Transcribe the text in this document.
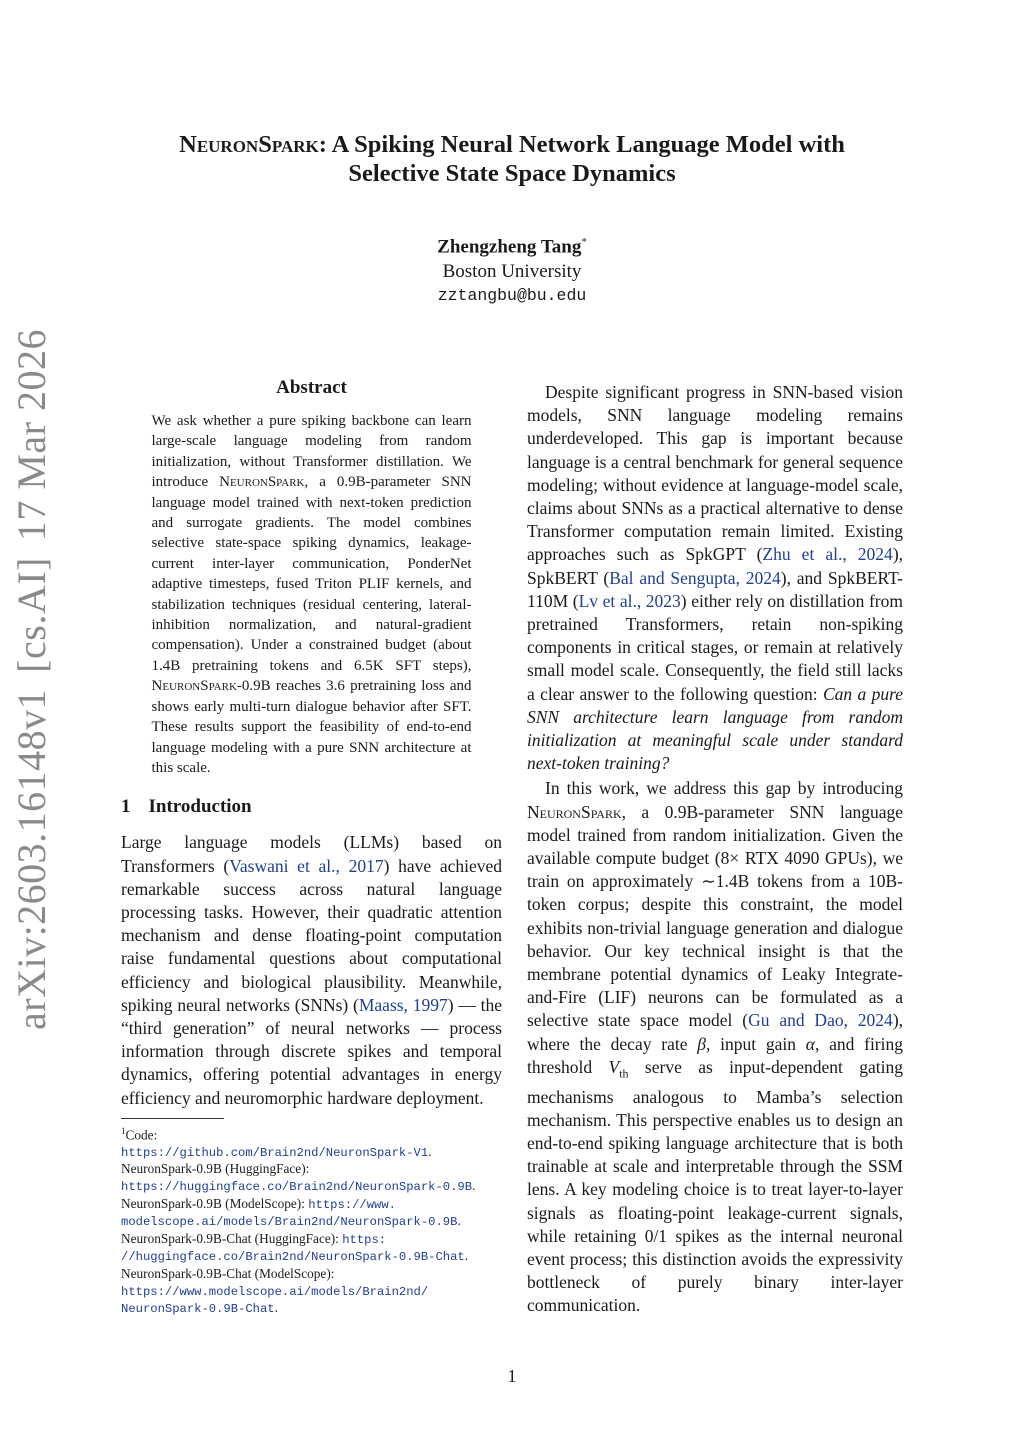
arXiv:2603.16148v1
[cs.AI]
17 Mar 2026
NeuronSpark: A Spiking Neural Network Language Model with
Selective State Space Dynamics
Zhengzheng Tang*
Boston University
zztangbu@bu.edu
Abstract

We ask whether a pure spiking backbone can learn large-scale language modeling from random initialization, without Transformer distillation. We introduce NeuronSpark, a 0.9B-parameter SNN language model trained with next-token prediction and surrogate gradients. The model combines selective state-space spiking dynamics, leakage-current inter-layer communication, PonderNet adaptive timesteps, fused Triton PLIF kernels, and stabilization techniques (residual centering, lateral-inhibition normalization, and natural-gradient compensation). Under a constrained budget (about 1.4B pretraining tokens and 6.5K SFT steps), NeuronSpark-0.9B reaches 3.6 pretraining loss and shows early multi-turn dialogue behavior after SFT. These results support the feasibility of end-to-end language modeling with a pure SNN architecture at this scale.

1 Introduction

Large language models (LLMs) based on Transformers (Vaswani et al., 2017) have achieved remarkable success across natural language processing tasks. However, their quadratic attention mechanism and dense floating-point computation raise fundamental questions about computational efficiency and biological plausibility. Meanwhile, spiking neural networks (SNNs) (Maass, 1997) — the “third generation” of neural networks — process information through discrete spikes and temporal dynamics, offering potential advantages in energy efficiency and neuromorphic hardware deployment.

$^1$Code:
https://github.com/Brain2nd/NeuronSpark-V1.
NeuronSpark-0.9B (HuggingFace):
https://huggingface.co/Brain2nd/NeuronSpark-0.9B.
NeuronSpark-0.9B (ModelScope): https://www.
modelscope.ai/models/Brain2nd/NeuronSpark-0.9B.
NeuronSpark-0.9B-Chat (HuggingFace): https:
//huggingface.co/Brain2nd/NeuronSpark-0.9B-Chat.
NeuronSpark-0.9B-Chat (ModelScope):
https://www.modelscope.ai/models/Brain2nd/
NeuronSpark-0.9B-Chat.

Despite significant progress in SNN-based vision models, SNN language modeling remains underdeveloped. This gap is important because language is a central benchmark for general sequence modeling; without evidence at language-model scale, claims about SNNs as a practical alternative to dense Transformer computation remain limited. Existing approaches such as SpkGPT (Zhu et al., 2024), SpkBERT (Bal and Sengupta, 2024), and SpkBERT-110M (Lv et al., 2023) either rely on distillation from pretrained Transformers, retain non-spiking components in critical stages, or remain at relatively small model scale. Consequently, the field still lacks a clear answer to the following question: Can a pure SNN architecture learn language from random initialization at meaningful scale under standard next-token training?

In this work, we address this gap by introducing NeuronSpark, a 0.9B-parameter SNN language model trained from random initialization. Given the available compute budget (8× RTX 4090 GPUs), we train on approximately ∼1.4B tokens from a 10B-token corpus; despite this constraint, the model exhibits non-trivial language generation and dialogue behavior. Our key technical insight is that the membrane potential dynamics of Leaky Integrate-and-Fire (LIF) neurons can be formulated as a selective state space model (Gu and Dao, 2024), where the decay rate β, input gain α, and firing threshold $V_{th}$ serve as input-dependent gating mechanisms analogous to Mamba’s selection mechanism. This perspective enables us to design an end-to-end spiking language architecture that is both trainable at scale and interpretable through the SSM lens. A key modeling choice is to treat layer-to-layer signals as floating-point leakage-current signals, while retaining 0/1 spikes as the internal neuronal event process; this distinction avoids the expressivity bottleneck of purely binary inter-layer communication.

1
